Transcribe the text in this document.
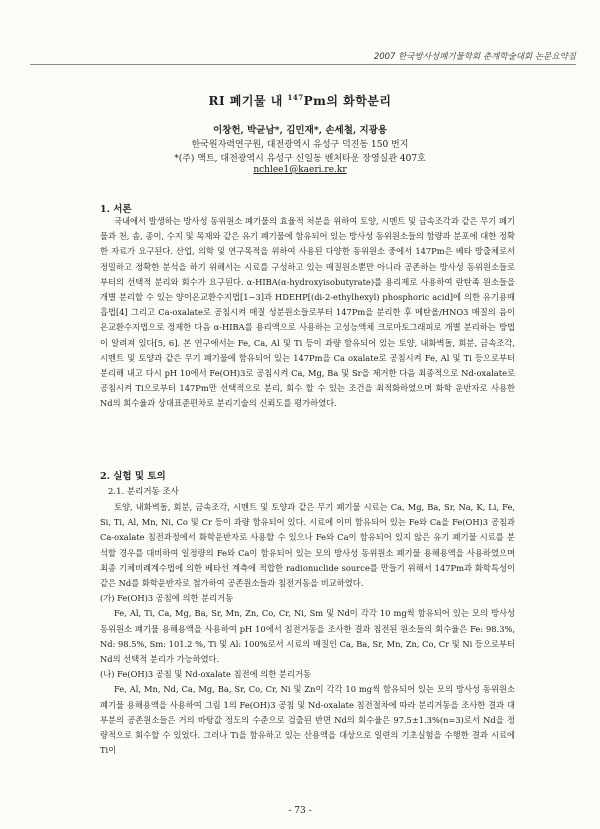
2007 한국방사성폐기물학회 춘계학술대회 논문요약집
RI 폐기물 내 $^{147}$Pm의 화학분리
이창헌, 박균남*, 김민재*, 손세철, 지광용
한국원자력연구원, 대전광역시 유성구 덕진동 150 번지
*(주) 액트, 대전광역시 유성구 신일동 벤처타운 장영실관 407호
nchlee1@kaeri.re.kr
1. 서론

국내에서 발생하는 방사성 동위원소 폐기물의 효율적 처분을 위하여 토양, 시멘트 및 금속조각과 같은 무기 폐기물과 천, 솜, 종이, 수지 및 목재와 같은 유기 폐기물에 함유되어 있는 방사성 동위원소들의 함량과 분포에 대한 정확한 자료가 요구된다. 산업, 의학 및 연구목적을 위하여 사용된 다양한 동위원소 중에서 147Pm은 베타 방출체로서 정밀하고 정확한 분석을 하기 위해서는 시료를 구성하고 있는 매질원소뿐만 아니라 공존하는 방사성 동위원소들로부터의 선택적 분리와 회수가 요구된다. α-HIBA(α-hydroxyisobutyrate)를 용리제로 사용하여 란탄족 원소들을 개별 분리할 수 있는 양이온교환수지법[1~3]과 HDEHP[(di-2-ethylhexyl) phosphoric acid]에 의한 유기용매흡법[4] 그리고 Ca-oxalate로 공침시켜 매질 성분원소들로부터 147Pm을 분리한 후 메탄올/HNO3 매질의 음이온교환수지법으로 정제한 다음 α-HIBA를 용리액으로 사용하는 고성능액체 크로마토그래피로 개별 분리하는 방법이 알려져 있다[5, 6]. 본 연구에서는 Fe, Ca, Al 및 Ti 등이 과량 함유되어 있는 토양, 내화벽돌, 회분, 금속조각, 시멘트 및 토양과 같은 무기 폐기물에 함유되어 있는 147Pm을 Ca oxalate로 공침시켜 Fe, Al 및 Ti 등으로부터 분리해 내고 다시 pH 10에서 Fe(OH)3로 공침시켜 Ca, Mg, Ba 및 Sr을 제거한 다음 최종적으로 Nd-oxalate로 공침시켜 Ti으로부터 147Pm만 선택적으로 분리, 회수 할 수 있는 조건을 최적화하였으며 화학 운반자로 사용한 Nd의 회수율과 상대표준편차로 분리기술의 신뢰도를 평가하였다.

2. 실험 및 토의
2.1. 분리거동 조사

토양, 내화벽돌, 회분, 금속조각, 시멘트 및 토양과 같은 무기 폐기물 시료는 Ca, Mg, Ba, Sr, Na, K, Li, Fe, Si, Ti, Al, Mn, Ni, Co 및 Cr 등이 과량 함유되어 있다. 시료에 이미 함유되어 있는 Fe와 Ca을 Fe(OH)3 공침과 Ca-oxalate 침전과정에서 화학운반자로 사용할 수 있으나 Fe와 Ca이 함유되어 있지 않은 유기 폐기물 시료를 분석할 경우를 대비하여 일정량의 Fe와 Ca이 함유되어 있는 모의 방사성 동위원소 폐기물 용해용액을 사용하였으며 최종 기체비례계수법에 의한 베타선 계측에 적합한 radionuclide source를 만들기 위해서 147Pm과 화학특성이 같은 Nd를 화학운반자로 첨가하여 공존원소들과 침전거동을 비교하였다.

(가) Fe(OH)3 공침에 의한 분리거동

Fe, Al, Ti, Ca, Mg, Ba, Sr, Mn, Zn, Co, Cr, Ni, Sm 및 Nd이 각각 10 mg씩 함유되어 있는 모의 방사성 동위원소 폐기물 용해용액을 사용하여 pH 10에서 침전거동을 조사한 결과 침전된 원소들의 회수율은 Fe: 98.3%, Nd: 98.5%, Sm: 101.2 %, Ti 및 Al: 100%로서 시료의 매질인 Ca, Ba, Sr, Mn, Zn, Co, Cr 및 Ni 등으로부터 Nd의 선택적 분리가 가능하였다.

(나) Fe(OH)3 공침 및 Nd-oxalate 침전에 의한 분리거동

Fe, Al, Mn, Nd, Ca, Mg, Ba, Sr, Co, Cr, Ni 및 Zn이 각각 10 mg씩 함유되어 있는 모의 방사성 동위원소 폐기물 용해용액을 사용하여 그림 1의 Fe(OH)3 공침 및 Nd-oxalate 침전절차에 따라 분리거동을 조사한 결과 대부분의 공존원소들은 거의 바탕값 정도의 수준으로 검출된 반면 Nd의 회수율은 97.5±1.3%(n=3)로서 Nd을 정량적으로 회수할 수 있었다. 그러나 Ti을 함유하고 있는 산용액을 대상으로 일련의 기초실험을 수행한 결과 시료에 Ti이

- 73 -
